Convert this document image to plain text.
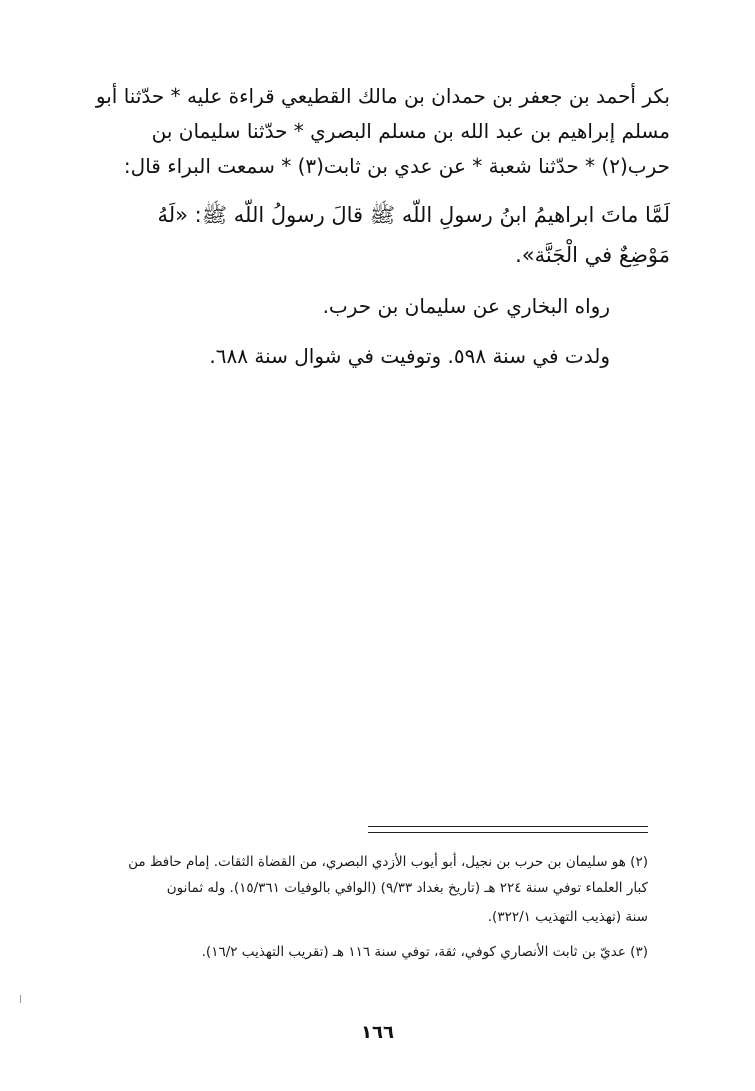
بكر أحمد بن جعفر بن حمدان بن مالك القطيعي قراءة عليه * حدّثنا أبو
مسلم إبراهيم بن عبد الله بن مسلم البصري * حدّثنا سليمان بن
حرب(٢) * حدّثنا شعبة * عن عدي بن ثابت(٣) * سمعت البراء قال:
لَمَّا ماتَ ابراهيمُ ابنُ رسولِ اللّه ﷺ قالَ رسولُ اللّه ﷺ: «لَهُ
مَوْضِعٌ في الْجَنَّة».
رواه البخاري عن سليمان بن حرب.
ولدت في سنة ٥٩٨. وتوفيت في شوال سنة ٦٨٨.
(٢) هو سليمان بن حرب بن نجيل، أبو أيوب الأزدي البصري، من القضاة الثقات. إمام حافظ من
كبار العلماء توفي سنة ٢٢٤ هـ (تاريخ بغداد ٩/٣٣) (الوافي بالوفيات ١٥/٣٦١). وله ثمانون
سنة (تهذيب التهذيب ٣٢٢/١).
(٣) عديّ بن ثابت الأنصاري كوفي، ثقة، توفي سنة ١١٦ هـ (تقريب التهذيب ١٦/٢).
١٦٦
